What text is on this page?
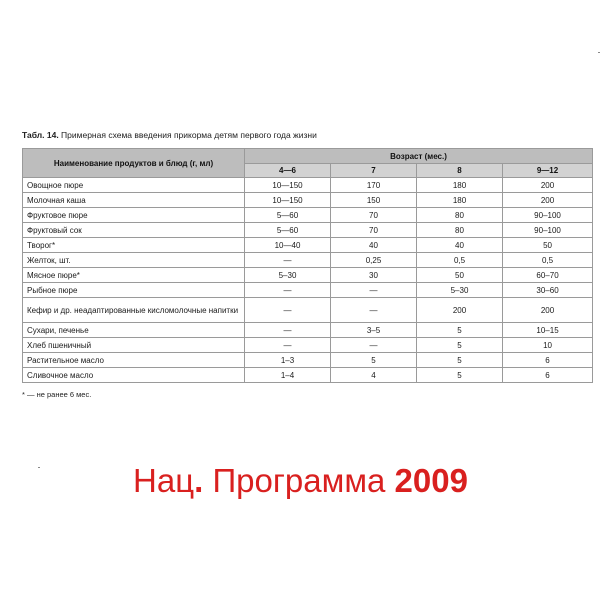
Табл. 14. Примерная схема введения прикорма детям первого года жизни
Наименование продуктов и блюд (г, мл)	Возраст (мес.)			
	4—6	7	8	9—12
Овощное пюре	10—150	170	180	200
Молочная каша	10—150	150	180	200
Фруктовое пюре	5—60	70	80	90–100
Фруктовый сок	5—60	70	80	90–100
Творог*	10—40	40	40	50
Желток, шт.	—	0,25	0,5	0,5
Мясное пюре*	5–30	30	50	60–70
Рыбное пюре	—	—	5–30	30–60
Кефир и др. неадаптированные кисломолочные напитки	—	—	200	200
Сухари, печенье	—	3–5	5	10–15
Хлеб пшеничный	—	—	5	10
Растительное масло	1–3	5	5	6
Сливочное масло	1–4	4	5	6
* — не ранее 6 мес.
Нац. Программа 2009
